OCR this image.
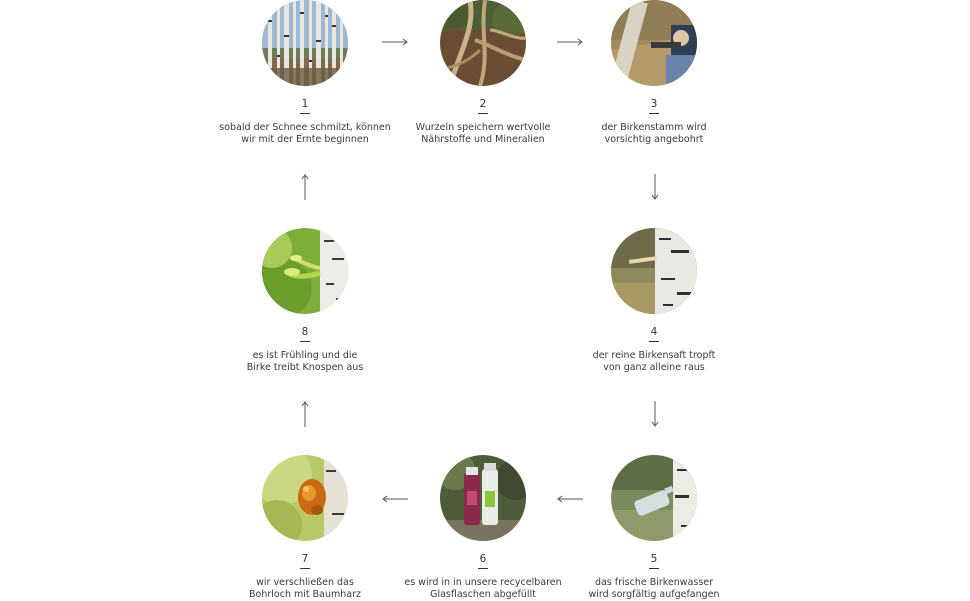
1
sobald der Schnee schmilzt, können
wir mit der Ernte beginnen
2
Wurzeln speichern wertvolle
Nährstoffe und Mineralien
3
der Birkenstamm wird
vorsichtig angebohrt
8
es ist Frühling und die
Birke treibt Knospen aus
4
der reine Birkensaft tropft
von ganz alleine raus
7
wir verschließen das
Bohrloch mit Baumharz
6
es wird in in unsere recycelbaren
Glasflaschen abgefüllt
5
das frische Birkenwasser
wird sorgfältig aufgefangen
